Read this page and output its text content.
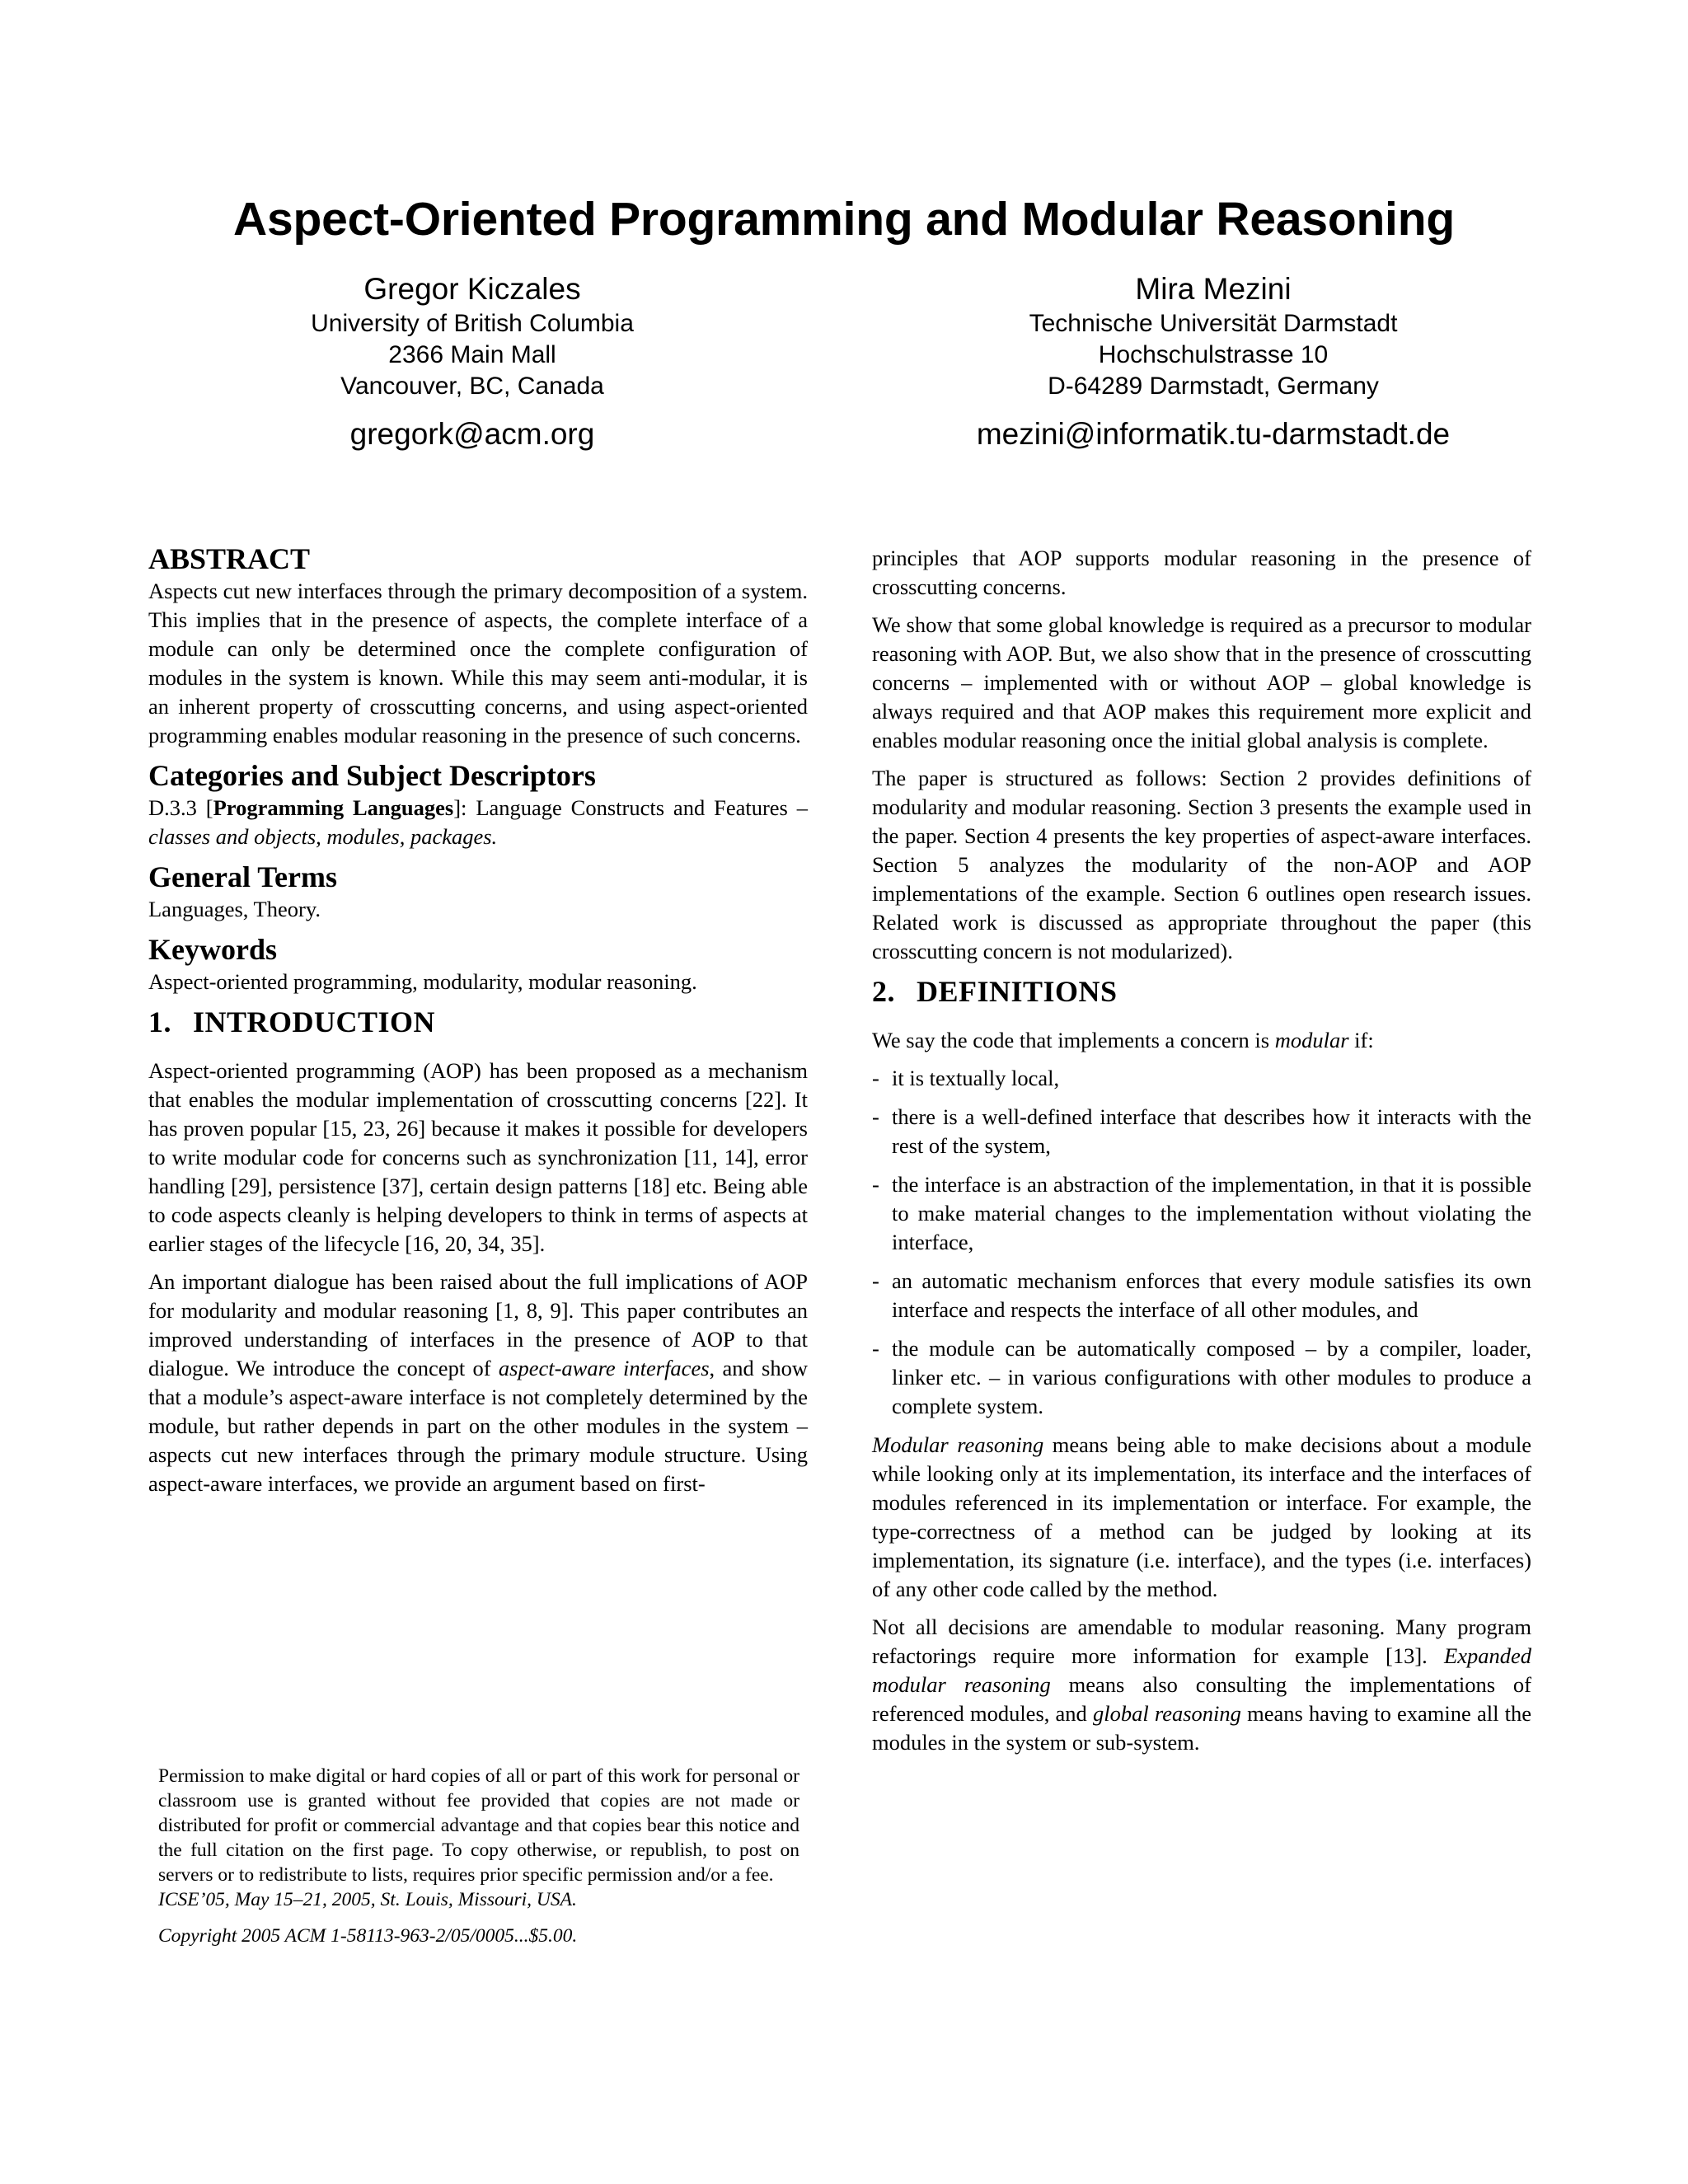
Aspect-Oriented Programming and Modular Reasoning
Gregor Kiczales
University of British Columbia
2366 Main Mall
Vancouver, BC, Canada
gregork@acm.org
Mira Mezini
Technische Universität Darmstadt
Hochschulstrasse 10
D-64289 Darmstadt, Germany
mezini@informatik.tu-darmstadt.de
ABSTRACT

Aspects cut new interfaces through the primary decomposition of a system. This implies that in the presence of aspects, the complete interface of a module can only be determined once the complete configuration of modules in the system is known. While this may seem anti-modular, it is an inherent property of crosscutting concerns, and using aspect-oriented programming enables modular reasoning in the presence of such concerns.

Categories and Subject Descriptors

D.3.3 [Programming Languages]: Language Constructs and Features – classes and objects, modules, packages.

General Terms

Languages, Theory.

Keywords

Aspect-oriented programming, modularity, modular reasoning.

1. INTRODUCTION

Aspect-oriented programming (AOP) has been proposed as a mechanism that enables the modular implementation of crosscutting concerns [22]. It has proven popular [15, 23, 26] because it makes it possible for developers to write modular code for concerns such as synchronization [11, 14], error handling [29], persistence [37], certain design patterns [18] etc. Being able to code aspects cleanly is helping developers to think in terms of aspects at earlier stages of the lifecycle [16, 20, 34, 35].

An important dialogue has been raised about the full implications of AOP for modularity and modular reasoning [1, 8, 9]. This paper contributes an improved understanding of interfaces in the presence of AOP to that dialogue. We introduce the concept of aspect-aware interfaces, and show that a module’s aspect-aware interface is not completely determined by the module, but rather depends in part on the other modules in the system – aspects cut new interfaces through the primary module structure. Using aspect-aware interfaces, we provide an argument based on first-

Permission to make digital or hard copies of all or part of this work for personal or classroom use is granted without fee provided that copies are not made or distributed for profit or commercial advantage and that copies bear this notice and the full citation on the first page. To copy otherwise, or republish, to post on servers or to redistribute to lists, requires prior specific permission and/or a fee.

ICSE’05, May 15–21, 2005, St. Louis, Missouri, USA.

Copyright 2005 ACM 1-58113-963-2/05/0005...$5.00.

principles that AOP supports modular reasoning in the presence of crosscutting concerns.

We show that some global knowledge is required as a precursor to modular reasoning with AOP. But, we also show that in the presence of crosscutting concerns – implemented with or without AOP – global knowledge is always required and that AOP makes this requirement more explicit and enables modular reasoning once the initial global analysis is complete.

The paper is structured as follows: Section 2 provides definitions of modularity and modular reasoning. Section 3 presents the example used in the paper. Section 4 presents the key properties of aspect-aware interfaces. Section 5 analyzes the modularity of the non-AOP and AOP implementations of the example. Section 6 outlines open research issues. Related work is discussed as appropriate throughout the paper (this crosscutting concern is not modularized).

2. DEFINITIONS

We say the code that implements a concern is modular if:

- it is textually local,
- there is a well-defined interface that describes how it interacts with the rest of the system,
- the interface is an abstraction of the implementation, in that it is possible to make material changes to the implementation without violating the interface,
- an automatic mechanism enforces that every module satisfies its own interface and respects the interface of all other modules, and
- the module can be automatically composed – by a compiler, loader, linker etc. – in various configurations with other modules to produce a complete system.

Modular reasoning means being able to make decisions about a module while looking only at its implementation, its interface and the interfaces of modules referenced in its implementation or interface. For example, the type-correctness of a method can be judged by looking at its implementation, its signature (i.e. interface), and the types (i.e. interfaces) of any other code called by the method.

Not all decisions are amendable to modular reasoning. Many program refactorings require more information for example [13]. Expanded modular reasoning means also consulting the implementations of referenced modules, and global reasoning means having to examine all the modules in the system or sub-system.
